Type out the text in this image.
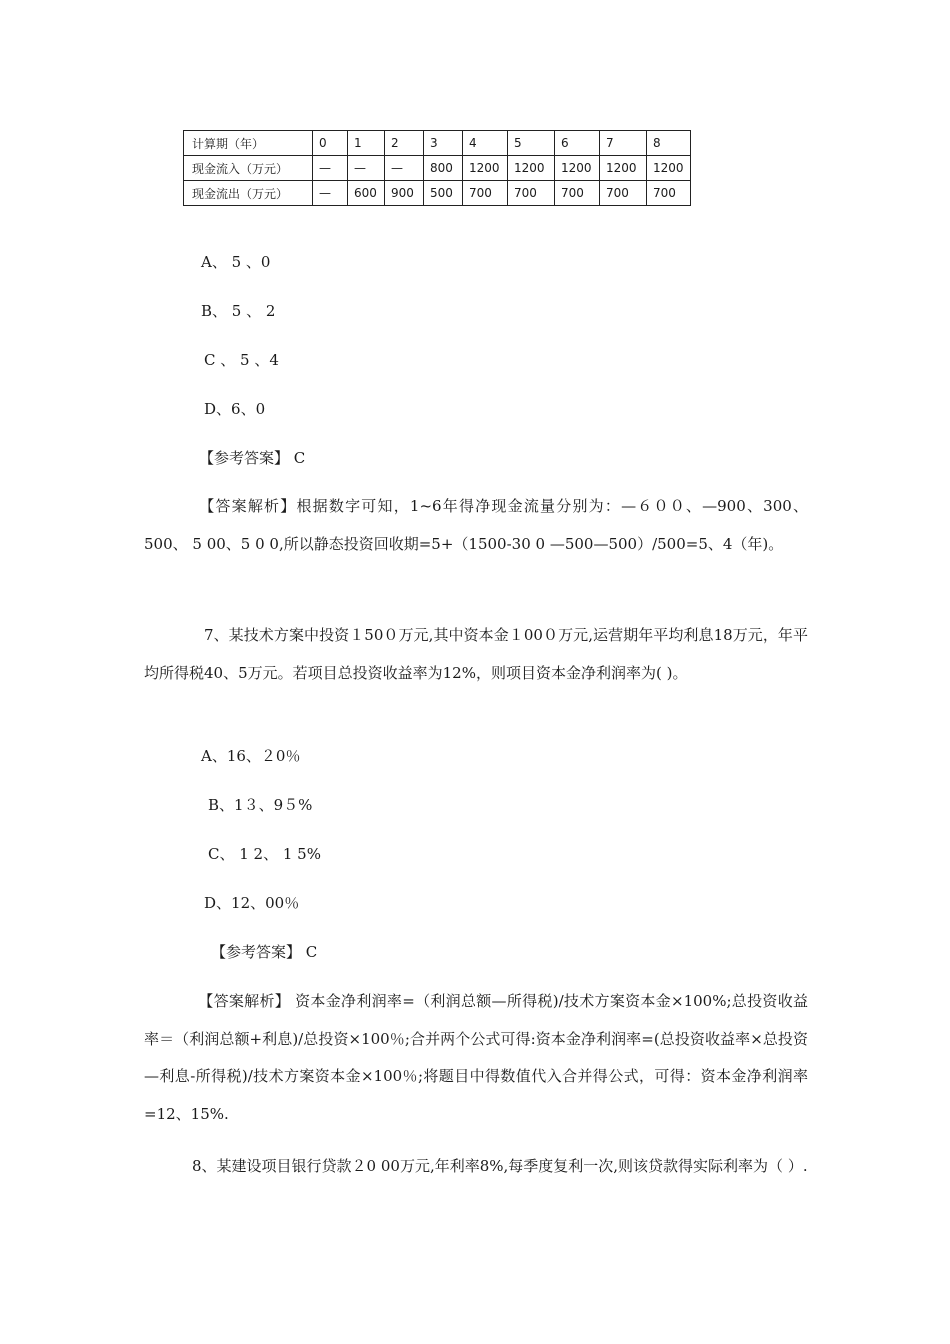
计算期（年）	0	1	2	3	4	5	6	7	8
现金流入（万元）	—	—	—	800	1200	1200	1200	1200	1200
现金流出（万元）	—	600	900	500	700	700	700	700	700
A、 5 、0
B、 5 、 2
C 、 5 、4
D、6、0
【参考答案】 C
【答案解析】根据数字可知，1~6年得净现金流量分别为：—６００、—900、300、500、 5 00、5 0 0,所以静态投资回收期=5+（1500-30 0 —500—500）/500=5、4（年)。
7、某技术方案中投资１50０万元,其中资本金１00０万元,运营期年平均利息18万元，年平均所得税40、5万元。若项目总投资收益率为12%，则项目资本金净利润率为( )。
A、16、２0％
B、1３、9５%
C、 1 2、 1 5%
D、12、00％
【参考答案】 C
【答案解析】 资本金净利润率=（利润总额—所得税)/技术方案资本金×100%;总投资收益率＝（利润总额+利息)/总投资×100％;合并两个公式可得:资本金净利润率=(总投资收益率×总投资—利息-所得税)/技术方案资本金×100％;将题目中得数值代入合并得公式，可得：资本金净利润率=12、15%.
8、某建设项目银行贷款２0 00万元,年利率8%,每季度复利一次,则该贷款得实际利率为（ ）.
